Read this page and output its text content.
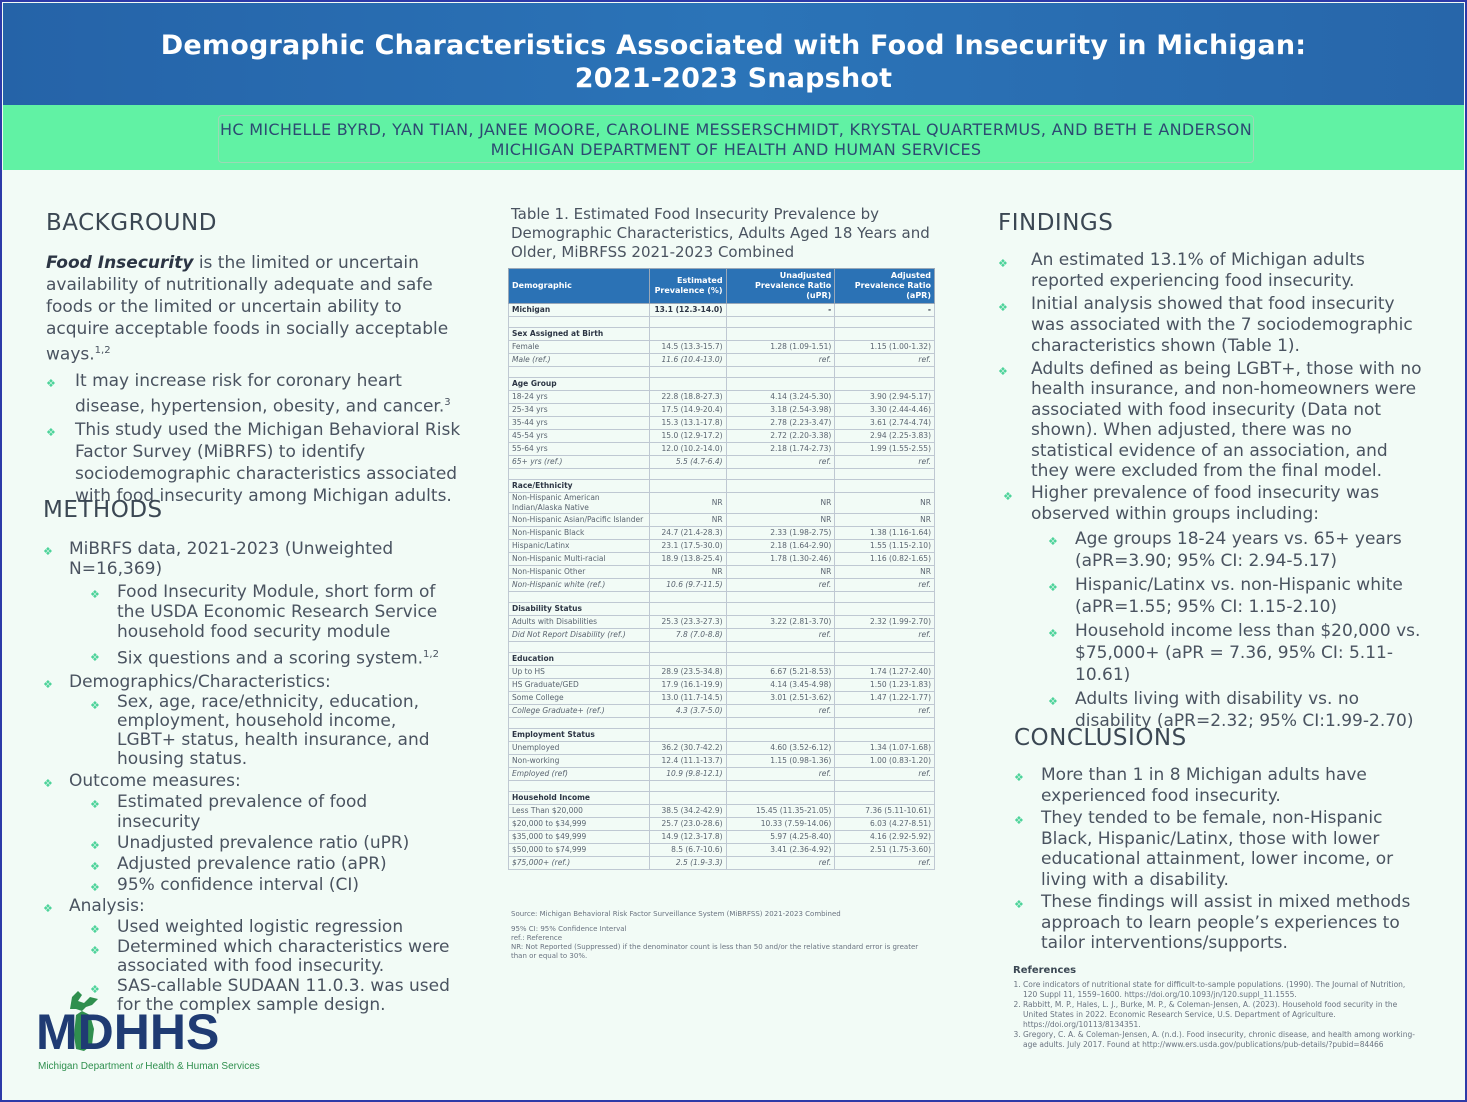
Demographic Characteristics Associated with Food Insecurity in Michigan:
2021-2023 Snapshot
HC MICHELLE BYRD, YAN TIAN, JANEE MOORE, CAROLINE MESSERSCHMIDT, KRYSTAL QUARTERMUS, AND BETH E ANDERSON
MICHIGAN DEPARTMENT OF HEALTH AND HUMAN SERVICES
BACKGROUND
Food Insecurity is the limited or uncertain availability of nutritionally adequate and safe foods or the limited or uncertain ability to acquire acceptable foods in socially acceptable ways.$^{1,2}$
❖ It may increase risk for coronary heart disease, hypertension, obesity, and cancer.$^3$
❖ This study used the Michigan Behavioral Risk Factor Survey (MiBRFS) to identify sociodemographic characteristics associated with food insecurity among Michigan adults.
METHODS
❖ MiBRFS data, 2021-2023 (Unweighted N=16,369)
❖ Food Insecurity Module, short form of the USDA Economic Research Service household food security module
❖ Six questions and a scoring system.$^{1,2}$
❖ Demographics/Characteristics:
❖ Sex, age, race/ethnicity, education, employment, household income, LGBT+ status, health insurance, and housing status.
❖ Outcome measures:
❖ Estimated prevalence of food insecurity
❖ Unadjusted prevalence ratio (uPR)
❖ Adjusted prevalence ratio (aPR)
❖ 95% confidence interval (CI)
❖ Analysis:
❖ Used weighted logistic regression
❖ Determined which characteristics were associated with food insecurity.
❖ SAS-callable SUDAAN 11.0.3. was used for the complex sample design.
MDHHS
Michigan Department of Health & Human Services
Table 1. Estimated Food Insecurity Prevalence by Demographic Characteristics, Adults Aged 18 Years and Older, MiBRFSS 2021-2023 Combined
Demographic	Estimated Prevalence (%)	Unadjusted Prevalence Ratio (uPR)	Adjusted Prevalence Ratio (aPR)
Michigan	13.1 (12.3-14.0)	-	-

Sex Assigned at Birth			
Female	14.5 (13.3-15.7)	1.28 (1.09-1.51)	1.15 (1.00-1.32)
Male (ref.)	11.6 (10.4-13.0)	ref.	ref.

Age Group			
18-24 yrs	22.8 (18.8-27.3)	4.14 (3.24-5.30)	3.90 (2.94-5.17)
25-34 yrs	17.5 (14.9-20.4)	3.18 (2.54-3.98)	3.30 (2.44-4.46)
35-44 yrs	15.3 (13.1-17.8)	2.78 (2.23-3.47)	3.61 (2.74-4.74)
45-54 yrs	15.0 (12.9-17.2)	2.72 (2.20-3.38)	2.94 (2.25-3.83)
55-64 yrs	12.0 (10.2-14.0)	2.18 (1.74-2.73)	1.99 (1.55-2.55)
65+ yrs (ref.)	5.5 (4.7-6.4)	ref.	ref.

Race/Ethnicity			
Non-Hispanic American Indian/Alaska Native	NR	NR	NR
Non-Hispanic Asian/Pacific Islander	NR	NR	NR
Non-Hispanic Black	24.7 (21.4-28.3)	2.33 (1.98-2.75)	1.38 (1.16-1.64)
Hispanic/Latinx	23.1 (17.5-30.0)	2.18 (1.64-2.90)	1.55 (1.15-2.10)
Non-Hispanic Multi-racial	18.9 (13.8-25.4)	1.78 (1.30-2.46)	1.16 (0.82-1.65)
Non-Hispanic Other	NR	NR	NR
Non-Hispanic white (ref.)	10.6 (9.7-11.5)	ref.	ref.

Disability Status			
Adults with Disabilities	25.3 (23.3-27.3)	3.22 (2.81-3.70)	2.32 (1.99-2.70)
Did Not Report Disability (ref.)	7.8 (7.0-8.8)	ref.	ref.

Education			
Up to HS	28.9 (23.5-34.8)	6.67 (5.21-8.53)	1.74 (1.27-2.40)
HS Graduate/GED	17.9 (16.1-19.9)	4.14 (3.45-4.98)	1.50 (1.23-1.83)
Some College	13.0 (11.7-14.5)	3.01 (2.51-3.62)	1.47 (1.22-1.77)
College Graduate+ (ref.)	4.3 (3.7-5.0)	ref.	ref.

Employment Status			
Unemployed	36.2 (30.7-42.2)	4.60 (3.52-6.12)	1.34 (1.07-1.68)
Non-working	12.4 (11.1-13.7)	1.15 (0.98-1.36)	1.00 (0.83-1.20)
Employed (ref)	10.9 (9.8-12.1)	ref.	ref.

Household Income			
Less Than $20,000	38.5 (34.2-42.9)	15.45 (11.35-21.05)	7.36 (5.11-10.61)
$20,000 to $34,999	25.7 (23.0-28.6)	10.33 (7.59-14.06)	6.03 (4.27-8.51)
$35,000 to $49,999	14.9 (12.3-17.8)	5.97 (4.25-8.40)	4.16 (2.92-5.92)
$50,000 to $74,999	8.5 (6.7-10.6)	3.41 (2.36-4.92)	2.51 (1.75-3.60)
$75,000+ (ref.)	2.5 (1.9-3.3)	ref.	ref.
Source: Michigan Behavioral Risk Factor Surveillance System (MiBRFSS) 2021-2023 Combined
95% CI: 95% Confidence Interval
ref.: Reference
NR: Not Reported (Suppressed) if the denominator count is less than 50 and/or the relative standard error is greater than or equal to 30%.
FINDINGS
❖ An estimated 13.1% of Michigan adults reported experiencing food insecurity.
❖ Initial analysis showed that food insecurity was associated with the 7 sociodemographic characteristics shown (Table 1).
❖ Adults defined as being LGBT+, those with no health insurance, and non-homeowners were associated with food insecurity (Data not shown). When adjusted, there was no statistical evidence of an association, and they were excluded from the final model.
❖ Higher prevalence of food insecurity was observed within groups including:
❖ Age groups 18-24 years vs. 65+ years (aPR=3.90; 95% CI: 2.94-5.17)
❖ Hispanic/Latinx vs. non-Hispanic white (aPR=1.55; 95% CI: 1.15-2.10)
❖ Household income less than $20,000 vs. $75,000+ (aPR = 7.36, 95% CI: 5.11-10.61)
❖ Adults living with disability vs. no disability (aPR=2.32; 95% CI:1.99-2.70)
CONCLUSIONS
❖ More than 1 in 8 Michigan adults have experienced food insecurity.
❖ They tended to be female, non-Hispanic Black, Hispanic/Latinx, those with lower educational attainment, lower income, or living with a disability.
❖ These findings will assist in mixed methods approach to learn people’s experiences to tailor interventions/supports.
References
1. Core indicators of nutritional state for difficult-to-sample populations. (1990). The Journal of Nutrition, 120 Suppl 11, 1559–1600. https://doi.org/10.1093/jn/120.suppl_11.1555.
2. Rabbitt, M. P., Hales, L. J., Burke, M. P., & Coleman-Jensen, A. (2023). Household food security in the United States in 2022. Economic Research Service, U.S. Department of Agriculture. https://doi.org/10113/8134351.
3. Gregory, C. A. & Coleman-Jensen, A. (n.d.). Food insecurity, chronic disease, and health among working-age adults. July 2017. Found at http://www.ers.usda.gov/publications/pub-details/?pubid=84466
